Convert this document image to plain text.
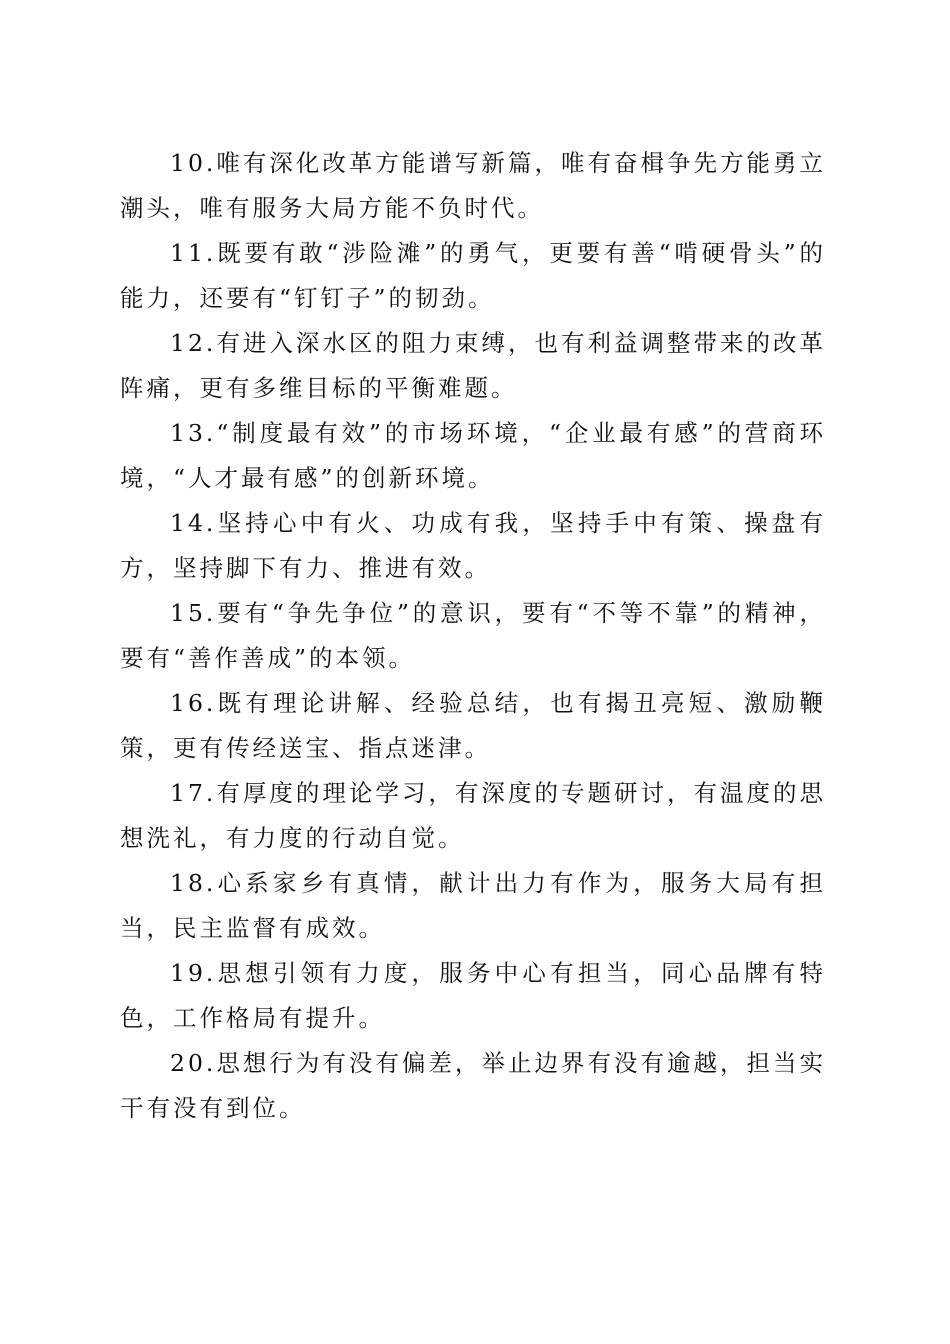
10.唯有深化改革方能谱写新篇，唯有奋楫争先方能勇立潮头，唯有服务大局方能不负时代。

11.既要有敢“涉险滩”的勇气，更要有善“啃硬骨头”的能力，还要有“钉钉子”的韧劲。

12.有进入深水区的阻力束缚，也有利益调整带来的改革阵痛，更有多维目标的平衡难题。

13.“制度最有效”的市场环境，“企业最有感”的营商环境，“人才最有感”的创新环境。

14.坚持心中有火、功成有我，坚持手中有策、操盘有方，坚持脚下有力、推进有效。

15.要有“争先争位”的意识，要有“不等不靠”的精神，要有“善作善成”的本领。

16.既有理论讲解、经验总结，也有揭丑亮短、激励鞭策，更有传经送宝、指点迷津。

17.有厚度的理论学习，有深度的专题研讨，有温度的思想洗礼，有力度的行动自觉。

18.心系家乡有真情，献计出力有作为，服务大局有担当，民主监督有成效。

19.思想引领有力度，服务中心有担当，同心品牌有特色，工作格局有提升。

20.思想行为有没有偏差，举止边界有没有逾越，担当实干有没有到位。
